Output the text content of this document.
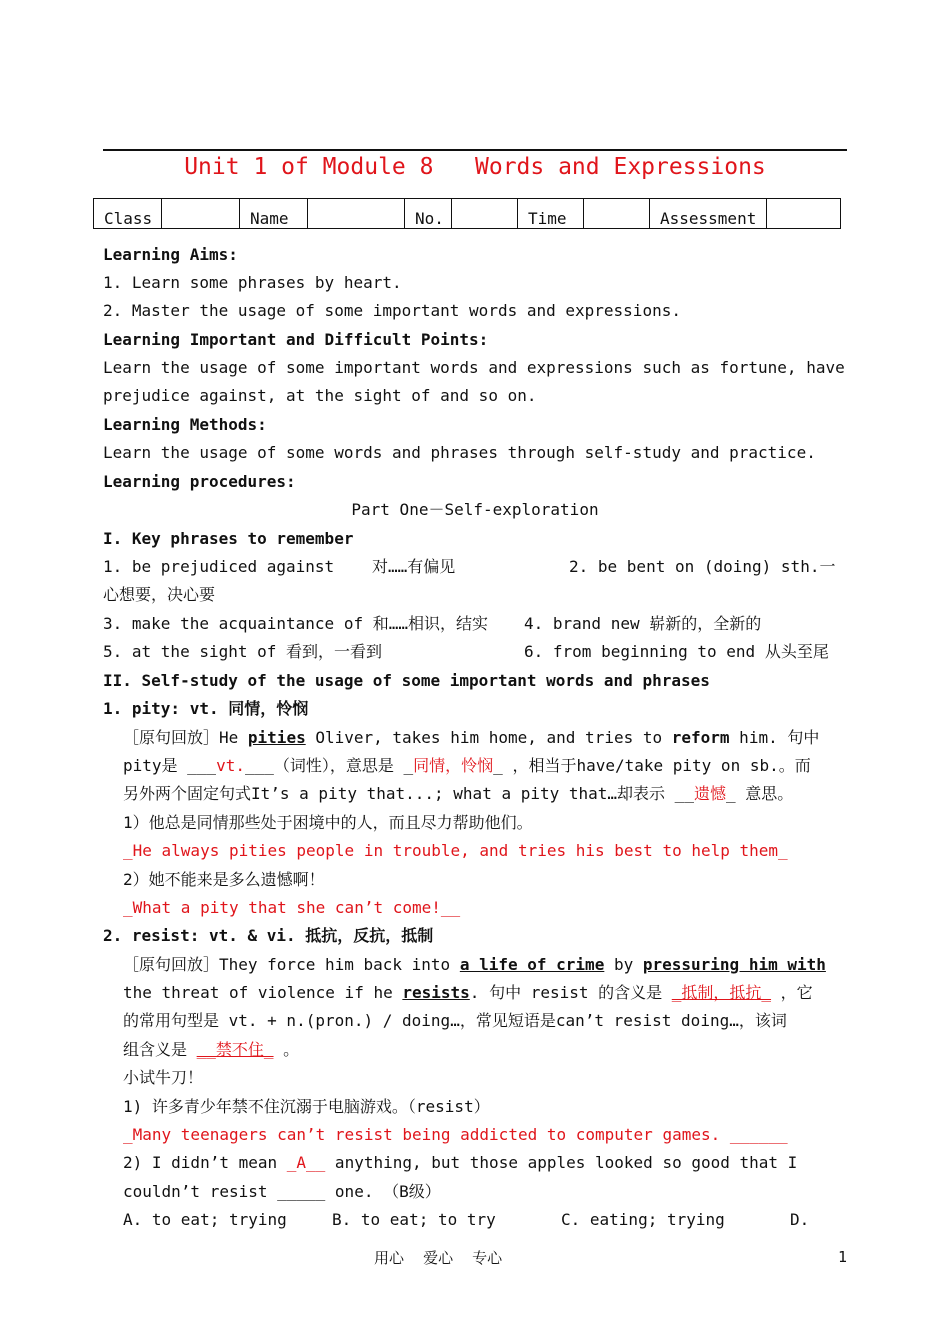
Unit 1 of Module 8   Words and Expressions
Class		Name		No.		Time		Assessment	
Learning Aims:
1. Learn some phrases by heart.
2. Master the usage of some important words and expressions.
Learning Important and Difficult Points:
Learn the usage of some important words and expressions such as fortune, have
prejudice against, at the sight of and so on.
Learning Methods:
Learn the usage of some words and phrases through self-study and practice.
Learning procedures:
Part One－Self-exploration
I. Key phrases to remember
1. be prejudiced against 对……有偏见	2. be bent on (doing) sth.一
心想要，决心要
3. make the acquaintance of 和……相识，结实 4. brand new 崭新的，全新的
5. at the sight of 看到，一看到	6. from beginning to end 从头至尾
II. Self-study of the usage of some important words and phrases
1. pity: vt. 同情，怜悯
［原句回放］He pities Oliver, takes him home, and tries to reform him. 句中
pity是 ___vt.___（词性），意思是 _同情，怜悯_ ，相当于have/take pity on sb.。而
另外两个固定句式It’s a pity that...; what a pity that…却表示 __遗憾_ 意思。
1）他总是同情那些处于困境中的人，而且尽力帮助他们。
_He always pities people in trouble, and tries his best to help them_
2）她不能来是多么遗憾啊！
_What a pity that she can’t come!__
2. resist: vt. & vi. 抵抗，反抗，抵制
［原句回放］They force him back into a life of crime by pressuring him with
the threat of violence if he resists. 句中 resist 的含义是 _抵制，抵抗_ ，它
的常用句型是 vt. + n.(pron.) / doing…，常见短语是can’t resist doing…，该词
组含义是 __禁不住_ 。
小试牛刀！
1) 许多青少年禁不住沉溺于电脑游戏。（resist）
_Many teenagers can’t resist being addicted to computer games. ______
2) I didn’t mean _A__ anything, but those apples looked so good that I
couldn’t resist _____ one. （B级）
A. to eat; trying	B. to eat; to try	C. eating; trying	D.
用心    爱心    专心	1
